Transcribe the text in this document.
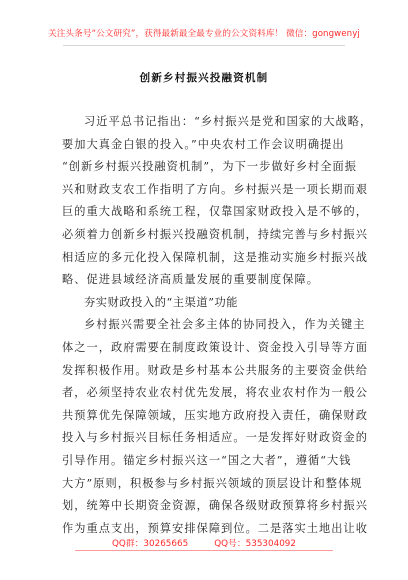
关注头条号“公文研究”，获得最新最全最专业的公文资料库！ 微信：gongwenyj
创新乡村振兴投融资机制
习近平总书记指出：“乡村振兴是党和国家的大战略，
要加大真金白银的投入。”中央农村工作会议明确提出
“创新乡村振兴投融资机制”，为下一步做好乡村全面振
兴和财政支农工作指明了方向。乡村振兴是一项长期而艰
巨的重大战略和系统工程，仅靠国家财政投入是不够的，
必须着力创新乡村振兴投融资机制，持续完善与乡村振兴
相适应的多元化投入保障机制，这是推动实施乡村振兴战
略、促进县域经济高质量发展的重要制度保障。
夯实财政投入的“主渠道”功能
乡村振兴需要全社会多主体的协同投入，作为关键主
体之一，政府需要在制度政策设计、资金投入引导等方面
发挥积极作用。财政是乡村基本公共服务的主要资金供给
者，必须坚持农业农村优先发展，将农业农村作为一般公
共预算优先保障领域，压实地方政府投入责任，确保财政
投入与乡村振兴目标任务相适应。一是发挥好财政资金的
引导作用。锚定乡村振兴这一“国之大者”，遵循“大钱
大方”原则，积极参与乡村振兴领域的顶层设计和整体规
划，统筹中长期资金资源，确保各级财政预算将乡村振兴
作为重点支出，预算安排保障到位。二是落实土地出让收
QQ群：30265665	QQ号：535304092
